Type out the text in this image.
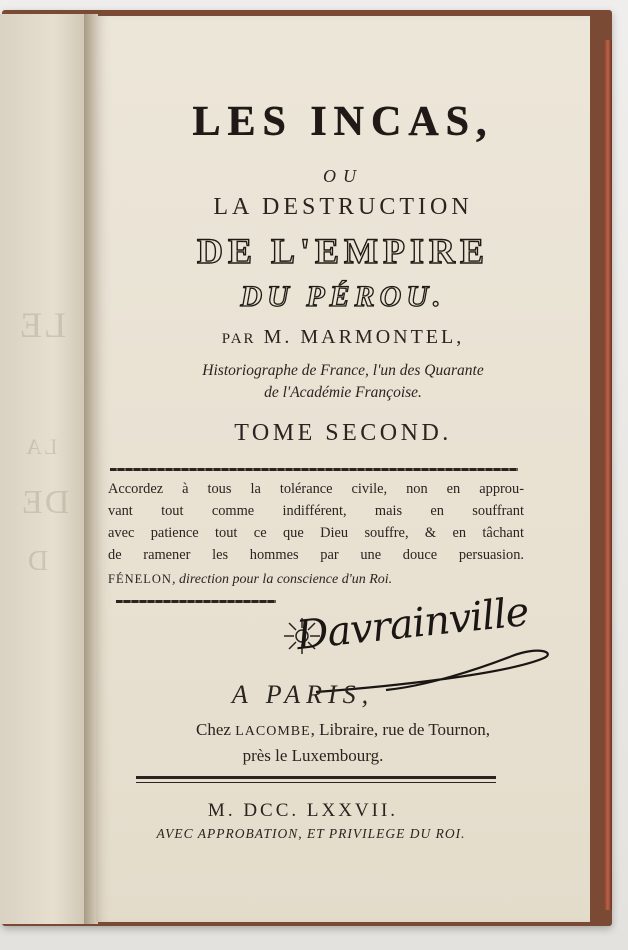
LE
LA
DE
D
LES INCAS,
OU
LA DESTRUCTION
DE L'EMPIRE
DU PÉROU.
PAR M. MARMONTEL,
Historiographe de France, l'un des Quarante
de l'Académie Françoise.
TOME SECOND.
Accordez à tous la tolérance civile, non en approu-
vant tout comme indifférent, mais en souffrant
avec patience tout ce que Dieu souffre, & en tâchant
de ramener les hommes par une douce persuasion.
FÉNELON, direction pour la conscience d'un Roi.
Davrainville
A PARIS,
Chez LACOMBE, Libraire, rue de Tournon,
près le Luxembourg.
M. DCC. LXXVII.
AVEC APPROBATION, ET PRIVILEGE DU ROI.
